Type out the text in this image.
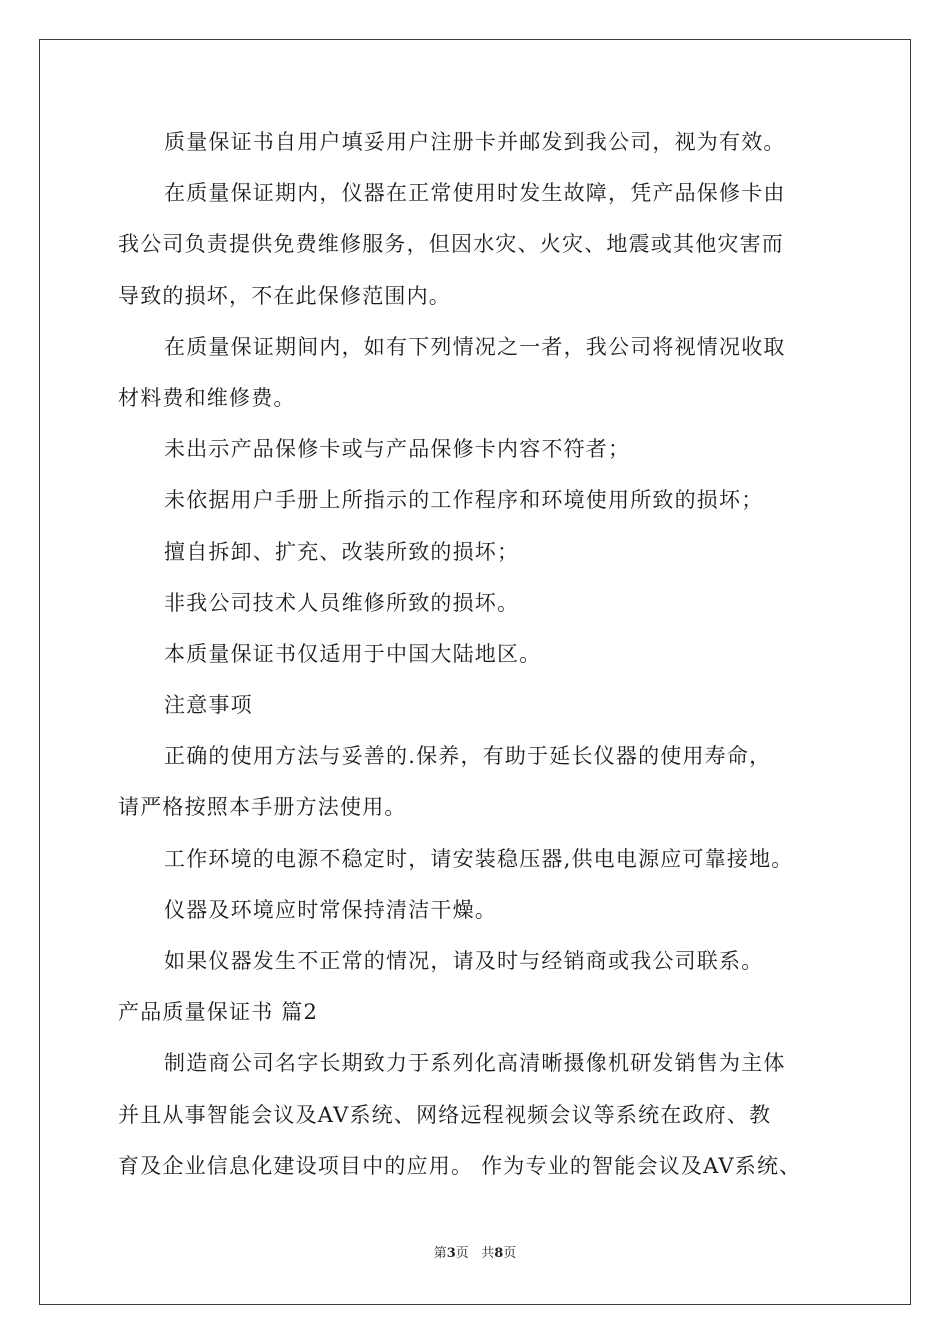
质量保证书自用户填妥用户注册卡并邮发到我公司，视为有效。
在质量保证期内，仪器在正常使用时发生故障，凭产品保修卡由
我公司负责提供免费维修服务，但因水灾、火灾、地震或其他灾害而
导致的损坏，不在此保修范围内。
在质量保证期间内，如有下列情况之一者，我公司将视情况收取
材料费和维修费。
未出示产品保修卡或与产品保修卡内容不符者；
未依据用户手册上所指示的工作程序和环境使用所致的损坏；
擅自拆卸、扩充、改装所致的损坏；
非我公司技术人员维修所致的损坏。
本质量保证书仅适用于中国大陆地区。
注意事项
正确的使用方法与妥善的.保养，有助于延长仪器的使用寿命，
请严格按照本手册方法使用。
工作环境的电源不稳定时，请安装稳压器,供电电源应可靠接地。
仪器及环境应时常保持清洁干燥。
如果仪器发生不正常的情况，请及时与经销商或我公司联系。
产品质量保证书 篇2
制造商公司名字长期致力于系列化高清晰摄像机研发销售为主体
并且从事智能会议及AV系统、网络远程视频会议等系统在政府、教
育及企业信息化建设项目中的应用。 作为专业的智能会议及AV系统、
第3页 共8页
